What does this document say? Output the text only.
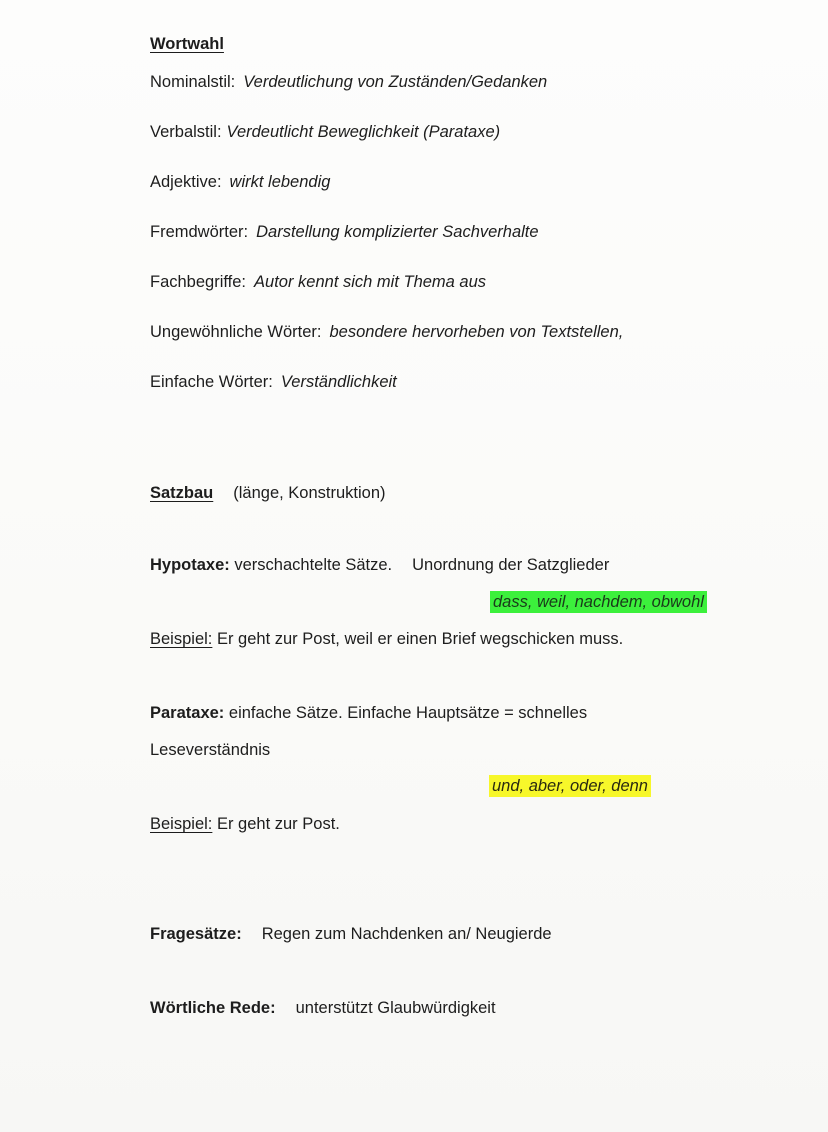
Wortwahl
Nominalstil: Verdeutlichung von Zuständen/Gedanken
Verbalstil: Verdeutlicht Beweglichkeit (Parataxe)
Adjektive: wirkt lebendig
Fremdwörter: Darstellung komplizierter Sachverhalte
Fachbegriffe: Autor kennt sich mit Thema aus
Ungewöhnliche Wörter: besondere hervorheben von Textstellen,
Einfache Wörter: Verständlichkeit
Satzbau (länge, Konstruktion)
Hypotaxe: verschachtelte Sätze. Unordnung der Satzglieder
dass, weil, nachdem, obwohl
Beispiel: Er geht zur Post, weil er einen Brief wegschicken muss.
Parataxe: einfache Sätze. Einfache Hauptsätze = schnelles
Leseverständnis
und, aber, oder, denn
Beispiel: Er geht zur Post.
Fragesätze: Regen zum Nachdenken an/ Neugierde
Wörtliche Rede: unterstützt Glaubwürdigkeit
